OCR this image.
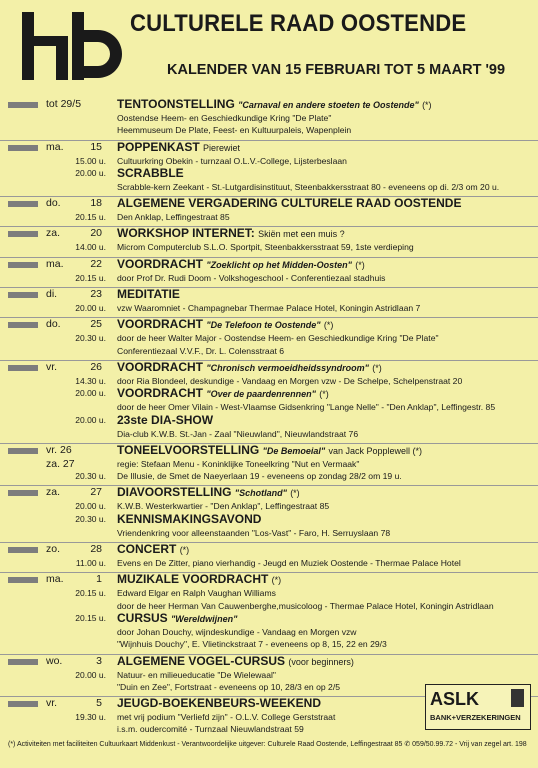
CULTURELE RAAD OOSTENDE
KALENDER VAN 15 FEBRUARI TOT 5 MAART '99
tot 29/5	TENTOONSTELLING "Carnaval en andere stoeten te Oostende" (*)
Oostendse Heem- en Geschiedkundige Kring "De Plate"
Heemmuseum De Plate, Feest- en Kultuurpaleis, Wapenplein
ma.	15 POPPENKAST Pierewiet
15.00 u. Cultuurkring Obekin - turnzaal O.L.V.-College, Lijsterbeslaan
20.00 u. SCRABBLE
Scrabble-kern Zeekant - St.-Lutgardisinstituut, Steenbakkersstraat 80 - eveneens op di. 2/3 om 20 u.
do.	18 ALGEMENE VERGADERING CULTURELE RAAD OOSTENDE
20.15 u. Den Anklap, Leffingestraat 85
za.	20 WORKSHOP INTERNET: Skiën met een muis ?
14.00 u. Microm Computerclub S.L.O. Sportpit, Steenbakkersstraat 59, 1ste verdieping
ma.	22 VOORDRACHT "Zoeklicht op het Midden-Oosten" (*)
20.15 u. door Prof Dr. Rudi Doom - Volkshogeschool - Conferentiezaal stadhuis
di.	23 MEDITATIE
20.00 u. vzw Waaromniet - Champagnebar Thermae Palace Hotel, Koningin Astridlaan 7
do.	25 VOORDRACHT "De Telefoon te Oostende" (*)
20.30 u. door de heer Walter Major - Oostendse Heem- en Geschiedkundige Kring "De Plate"
Conferentiezaal V.V.F., Dr. L. Colensstraat 6
vr.	26 VOORDRACHT "Chronisch vermoeidheidssyndroom" (*)
14.30 u. door Ria Blondeel, deskundige - Vandaag en Morgen vzw - De Schelpe, Schelpenstraat 20
20.00 u. VOORDRACHT "Over de paardenrennen" (*)
door de heer Omer Vilain - West-Vlaamse Gidsenkring "Lange Nelle" - "Den Anklap", Leffingestr. 85
20.00 u. 23ste DIA-SHOW
Dia-club K.W.B. St.-Jan - Zaal "Nieuwland", Nieuwlandstraat 76
vr. 26	TONEELVOORSTELLING "De Bemoeial" van Jack Popplewell (*)
za. 27	regie: Stefaan Menu - Koninklijke Toneelkring "Nut en Vermaak"
20.30 u. De Illusie, de Smet de Naeyerlaan 19 - eveneens op zondag 28/2 om 19 u.
za.	27 DIAVOORSTELLING "Schotland" (*)
20.00 u. K.W.B. Westerkwartier - "Den Anklap", Leffingestraat 85
20.30 u. KENNISMAKINGSAVOND
Vriendenkring voor alleenstaanden "Los-Vast" - Faro, H. Serruyslaan 78
zo.	28 CONCERT (*)
11.00 u. Evens en De Zitter, piano vierhandig - Jeugd en Muziek Oostende - Thermae Palace Hotel
ma.	1 MUZIKALE VOORDRACHT (*)
20.15 u. Edward Elgar en Ralph Vaughan Williams
door de heer Herman Van Cauwenberghe,musicoloog - Thermae Palace Hotel, Koningin Astridlaan
20.15 u. CURSUS "Wereldwijnen"
door Johan Douchy, wijndeskundige - Vandaag en Morgen vzw
"Wijnhuis Douchy", E. Vlietinckstraat 7 - eveneens op 8, 15, 22 en 29/3
wo.	3 ALGEMENE VOGEL-CURSUS (voor beginners)
20.00 u. Natuur- en milieueducatie "De Wielewaal"
"Duin en Zee", Fortstraat - eveneens op 10, 28/3 en op 2/5
vr.	5 JEUGD-BOEKENBEURS-WEEKEND
19.30 u. met vrij podium "Verliefd zijn" - O.L.V. College Gerststraat
i.s.m. oudercomité - Turnzaal Nieuwlandstraat 59
ASLK
BANK+VERZEKERINGEN
(*) Activiteiten met faciliteiten Cultuurkaart Middenkust - Verantwoordelijke uitgever: Culturele Raad Oostende, Leffingestraat 85 ✆ 059/50.99.72 - Vrij van zegel art. 198
